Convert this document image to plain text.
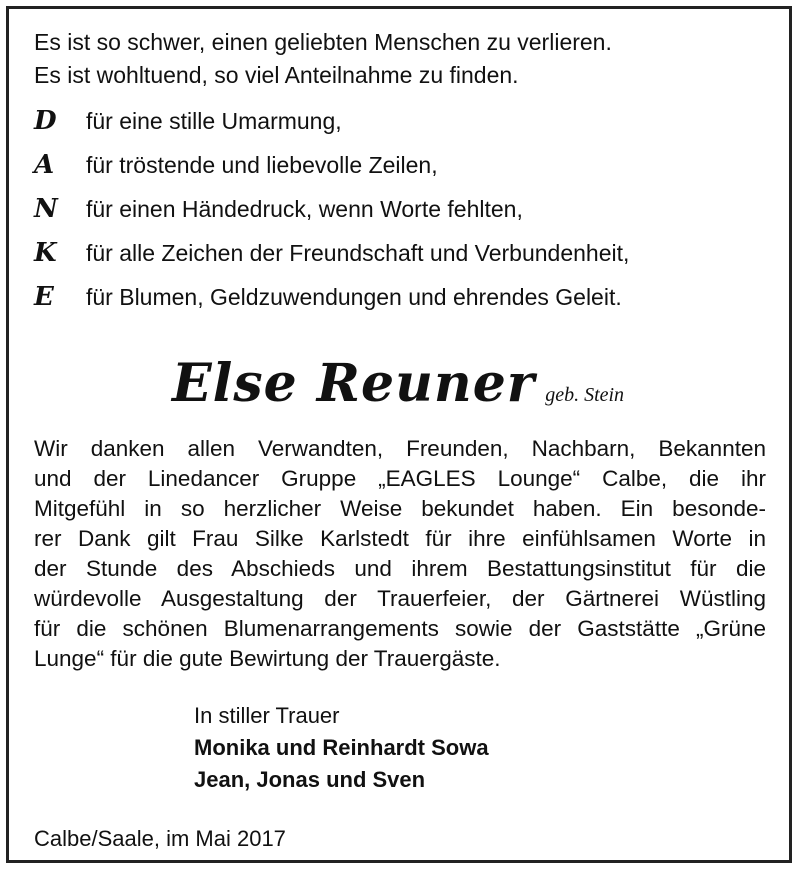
Es ist so schwer, einen geliebten Menschen zu verlieren.
Es ist wohltuend, so viel Anteilnahme zu finden.
D	für eine stille Umarmung,
A	für tröstende und liebevolle Zeilen,
N	für einen Händedruck, wenn Worte fehlten,
K	für alle Zeichen der Freundschaft und Verbundenheit,
E	für Blumen, Geldzuwendungen und ehrendes Geleit.
Else Reuner geb. Stein
Wir danken allen Verwandten, Freunden, Nachbarn, Bekannten
und der Linedancer Gruppe „EAGLES Lounge“ Calbe, die ihr
Mitgefühl in so herzlicher Weise bekundet haben. Ein besonde-
rer Dank gilt Frau Silke Karlstedt für ihre einfühlsamen Worte in
der Stunde des Abschieds und ihrem Bestattungsinstitut für die
würdevolle Ausgestaltung der Trauerfeier, der Gärtnerei Wüstling
für die schönen Blumenarrangements sowie der Gaststätte „Grüne
Lunge“ für die gute Bewirtung der Trauergäste.
In stiller Trauer
Monika und Reinhardt Sowa
Jean, Jonas und Sven
Calbe/Saale, im Mai 2017
